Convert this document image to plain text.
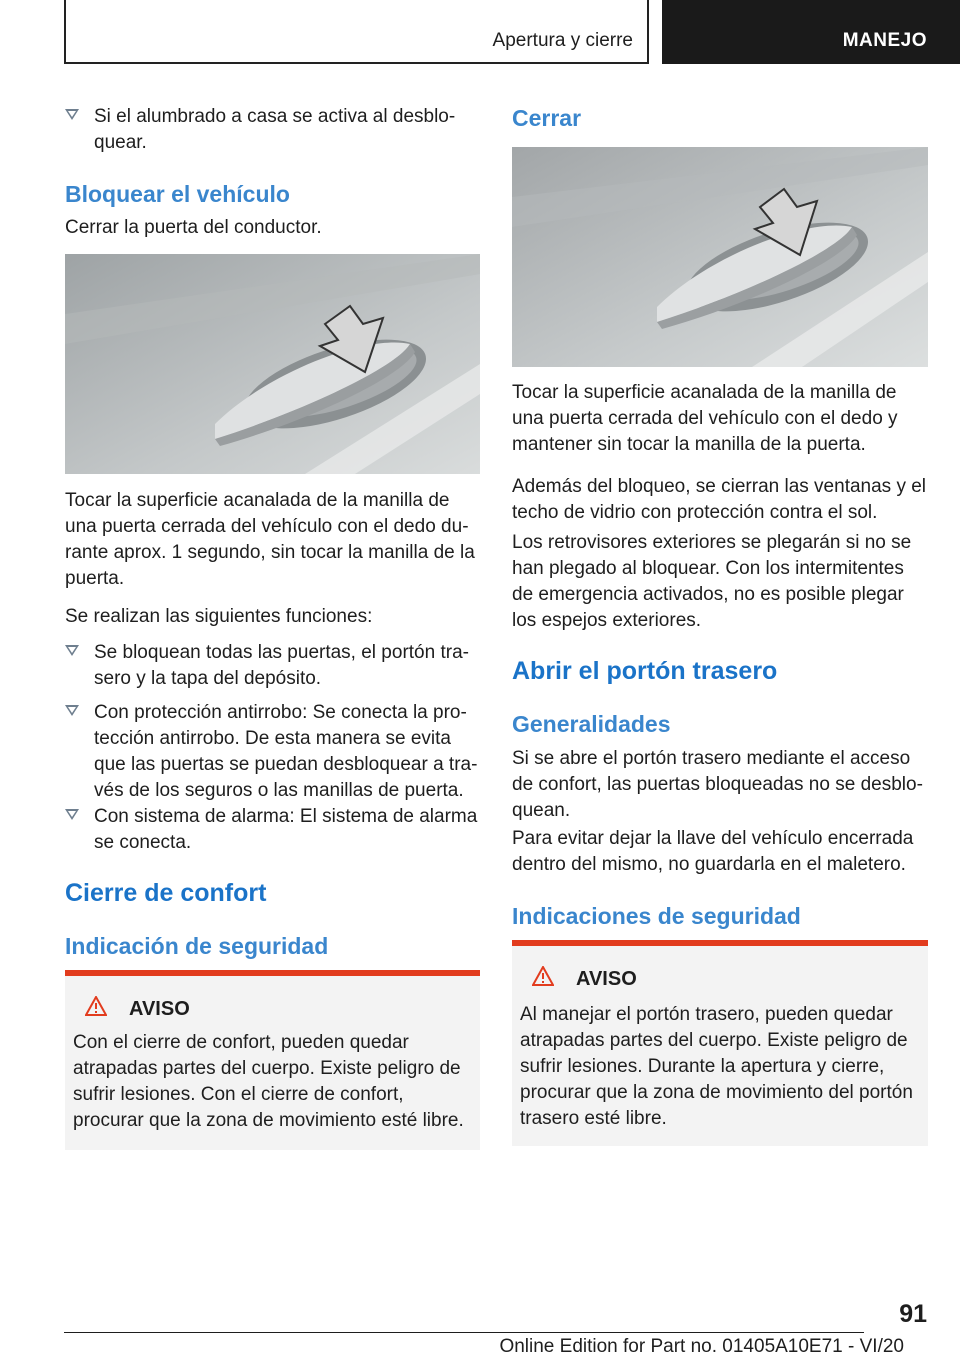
Apertura y cierre	MANEJO

Si el alumbrado a casa se activa al desbloquear.

Bloquear el vehículo

Cerrar la puerta del conductor.

Tocar la superficie acanalada de la manilla de una puerta cerrada del vehículo con el dedo durante aprox. 1 segundo, sin tocar la manilla de la puerta.

Se realizan las siguientes funciones:

Se bloquean todas las puertas, el portón trasero y la tapa del depósito.

Con protección antirrobo: Se conecta la protección antirrobo. De esta manera se evita que las puertas se puedan desbloquear a través de los seguros o las manillas de puerta.

Con sistema de alarma: El sistema de alarma se conecta.

Cierre de confort

Indicación de seguridad

AVISO

Con el cierre de confort, pueden quedar atrapadas partes del cuerpo. Existe peligro de sufrir lesiones. Con el cierre de confort, procurar que la zona de movimiento esté libre.

Cerrar

Tocar la superficie acanalada de la manilla de una puerta cerrada del vehículo con el dedo y mantener sin tocar la manilla de la puerta.

Además del bloqueo, se cierran las ventanas y el techo de vidrio con protección contra el sol.

Los retrovisores exteriores se plegarán si no se han plegado al bloquear. Con los intermitentes de emergencia activados, no es posible plegar los espejos exteriores.

Abrir el portón trasero

Generalidades

Si se abre el portón trasero mediante el acceso de confort, las puertas bloqueadas no se desbloquean.

Para evitar dejar la llave del vehículo encerrada dentro del mismo, no guardarla en el maletero.

Indicaciones de seguridad

AVISO

Al manejar el portón trasero, pueden quedar atrapadas partes del cuerpo. Existe peligro de sufrir lesiones. Durante la apertura y cierre, procurar que la zona de movimiento del portón trasero esté libre.

91
Online Edition for Part no. 01405A10E71 - VI/20
